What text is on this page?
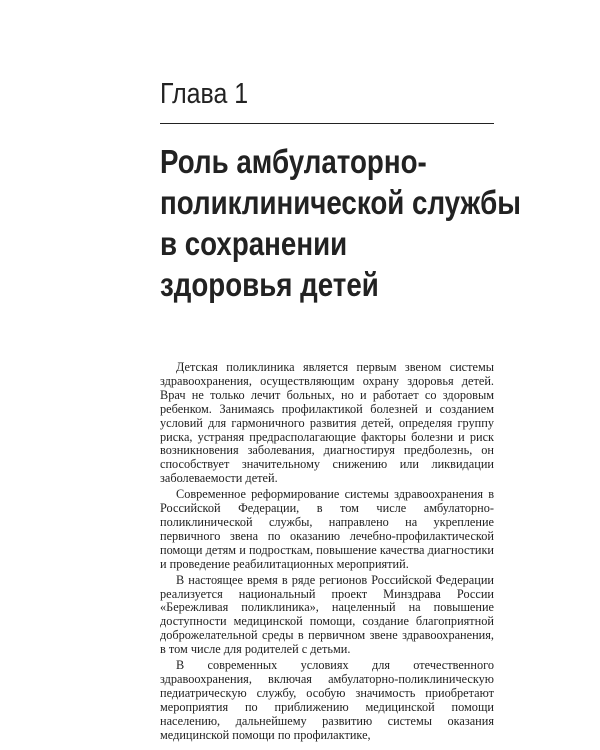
Глава 1
Роль амбулаторно-
поликлинической службы
в сохранении
здоровья детей

Детская поликлиника является первым звеном системы здравоохранения, осуществляющим охрану здоровья детей. Врач не только лечит больных, но и работает со здоровым ребенком. Занимаясь профилактикой болезней и созданием условий для гармоничного развития детей, определяя группу риска, устраняя предрасполагающие факторы болезни и риск возникновения заболевания, диагностируя предболезнь, он способствует значительному снижению или ликвидации заболеваемости детей.

Современное реформирование системы здравоохранения в Российской Федерации, в том числе амбулаторно-поликлинической службы, направлено на укрепление первичного звена по оказанию лечебно-профилактической помощи детям и подросткам, повышение качества диагностики и проведение реабилитационных мероприятий.

В настоящее время в ряде регионов Российской Федерации реализуется национальный проект Минздрава России «Бережливая поликлиника», нацеленный на повышение доступности медицинской помощи, создание благоприятной доброжелательной среды в первичном звене здравоохранения, в том числе для родителей с детьми.

В современных условиях для отечественного здравоохранения, включая амбулаторно-поликлиническую педиатрическую службу, особую значимость приобретают мероприятия по приближению медицинской помощи населению, дальнейшему развитию системы оказания медицинской помощи по профилактике,
